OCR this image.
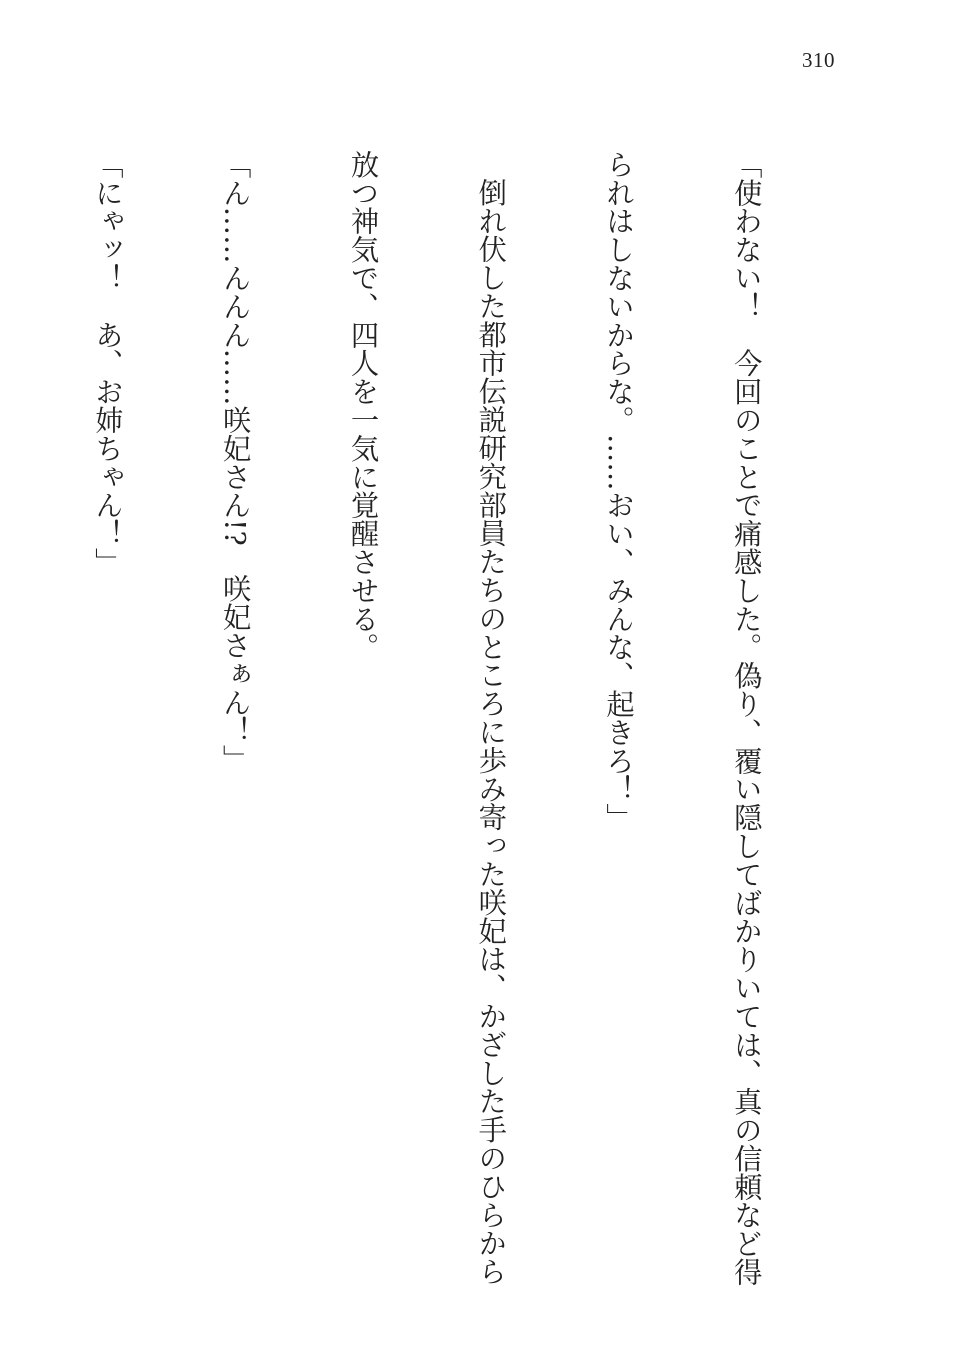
310

「使わない！　今回のことで痛感した。偽り、覆い隠してばかりいては、真の信頼など得

られはしないからな。……おい、みんな、起きろ！」

倒れ伏した都市伝説研究部員たちのところに歩み寄った咲妃は、かざした手のひらから

放つ神気で、四人を一気に覚醒させる。

「ん……んんん……咲妃さん!?　咲妃さぁん！」

「にゃッ！　あ、お姉ちゃん！」
